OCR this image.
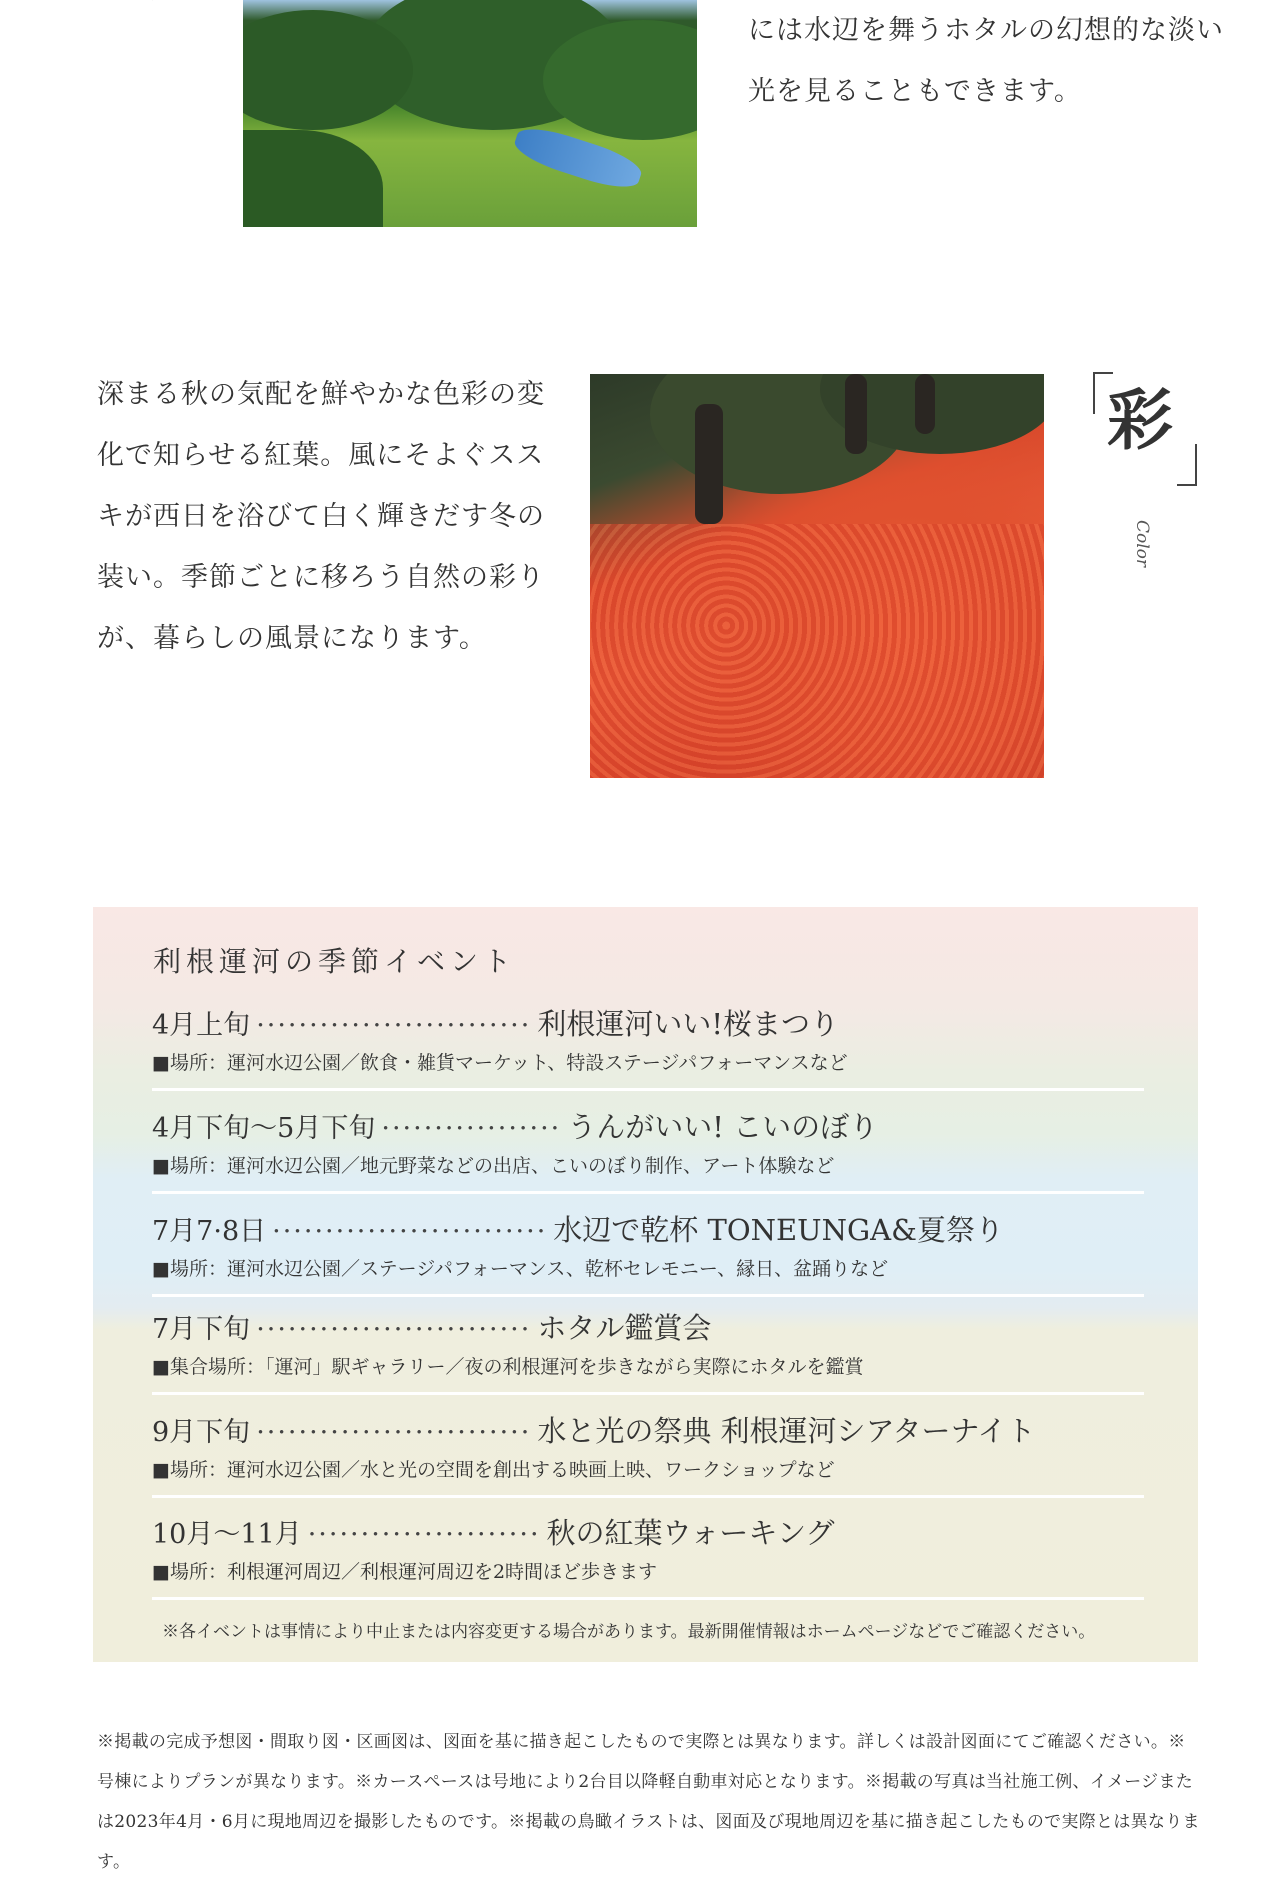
には水辺を舞うホタルの幻想的な淡い光を見ることもできます。
深まる秋の気配を鮮やかな色彩の変化で知らせる紅葉。風にそよぐススキが西日を浴びて白く輝きだす冬の装い。季節ごとに移ろう自然の彩りが、暮らしの風景になります。
彩
Color
利根運河の季節イベント
4月上旬 ·························· 利根運河いい!桜まつり
■場所：運河水辺公園／飲食・雑貨マーケット、特設ステージパフォーマンスなど
4月下旬〜5月下旬 ················· うんがいい! こいのぼり
■場所：運河水辺公園／地元野菜などの出店、こいのぼり制作、アート体験など
7月7·8日 ·························· 水辺で乾杯 TONEUNGA&夏祭り
■場所：運河水辺公園／ステージパフォーマンス、乾杯セレモニー、縁日、盆踊りなど
7月下旬 ·························· ホタル鑑賞会
■集合場所：「運河」駅ギャラリー／夜の利根運河を歩きながら実際にホタルを鑑賞
9月下旬 ·························· 水と光の祭典 利根運河シアターナイト
■場所：運河水辺公園／水と光の空間を創出する映画上映、ワークショップなど
10月〜11月 ······················ 秋の紅葉ウォーキング
■場所：利根運河周辺／利根運河周辺を2時間ほど歩きます
※各イベントは事情により中止または内容変更する場合があります。最新開催情報はホームページなどでご確認ください。
※掲載の完成予想図・間取り図・区画図は、図面を基に描き起こしたもので実際とは異なります。詳しくは設計図面にてご確認ください。※号棟によりプランが異なります。※カースペースは号地により2台目以降軽自動車対応となります。※掲載の写真は当社施工例、イメージまたは2023年4月・6月に現地周辺を撮影したものです。※掲載の鳥瞰イラストは、図面及び現地周辺を基に描き起こしたもので実際とは異なります。
